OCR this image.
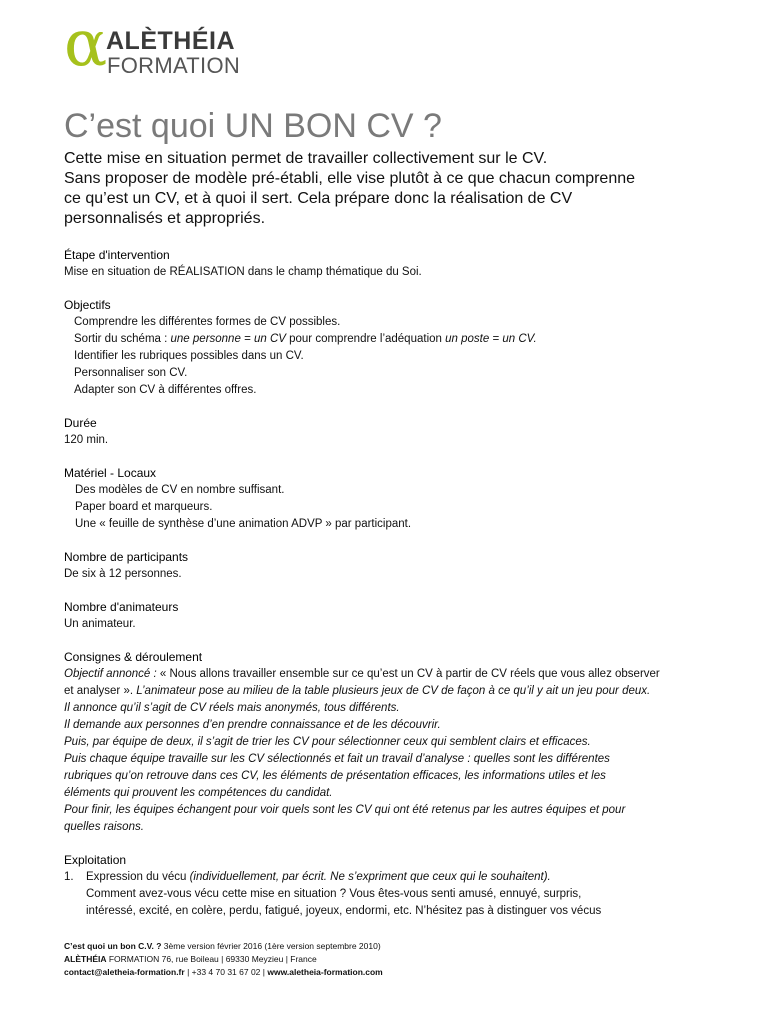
α
ALÈTHÉIA
FORMATION
C’est quoi UN BON CV ?
Cette mise en situation permet de travailler collectivement sur le CV.
Sans proposer de modèle pré-établi, elle vise plutôt à ce que chacun comprenne
ce qu’est un CV, et à quoi il sert. Cela prépare donc la réalisation de CV
personnalisés et appropriés.
Étape d'intervention
Mise en situation de RÉALISATION dans le champ thématique du Soi.
Objectifs
Comprendre les différentes formes de CV possibles.
Sortir du schéma : une personne = un CV pour comprendre l’adéquation un poste = un CV.
Identifier les rubriques possibles dans un CV.
Personnaliser son CV.
Adapter son CV à différentes offres.
Durée
120 min.
Matériel - Locaux
Des modèles de CV en nombre suffisant.
Paper board et marqueurs.
Une « feuille de synthèse d’une animation ADVP » par participant.
Nombre de participants
De six à 12 personnes.
Nombre d'animateurs
Un animateur.
Consignes & déroulement
Objectif annoncé : « Nous allons travailler ensemble sur ce qu’est un CV à partir de CV réels que vous allez observer
et analyser ». L’animateur pose au milieu de la table plusieurs jeux de CV de façon à ce qu’il y ait un jeu pour deux.
Il annonce qu’il s’agit de CV réels mais anonymés, tous différents.
Il demande aux personnes d’en prendre connaissance et de les découvrir.
Puis, par équipe de deux, il s’agit de trier les CV pour sélectionner ceux qui semblent clairs et efficaces.
Puis chaque équipe travaille sur les CV sélectionnés et fait un travail d’analyse : quelles sont les différentes
rubriques qu’on retrouve dans ces CV, les éléments de présentation efficaces, les informations utiles et les
éléments qui prouvent les compétences du candidat.
Pour finir, les équipes échangent pour voir quels sont les CV qui ont été retenus par les autres équipes et pour
quelles raisons.
Exploitation
1.	Expression du vécu (individuellement, par écrit. Ne s’expriment que ceux qui le souhaitent).
Comment avez-vous vécu cette mise en situation ? Vous êtes-vous senti amusé, ennuyé, surpris,
intéressé, excité, en colère, perdu, fatigué, joyeux, endormi, etc. N’hésitez pas à distinguer vos vécus
C’est quoi un bon C.V. ? 3ème version février 2016 (1ère version septembre 2010)
ALÈTHÉIA FORMATION 76, rue Boileau | 69330 Meyzieu | France
contact@aletheia-formation.fr | +33 4 70 31 67 02 | www.aletheia-formation.com
